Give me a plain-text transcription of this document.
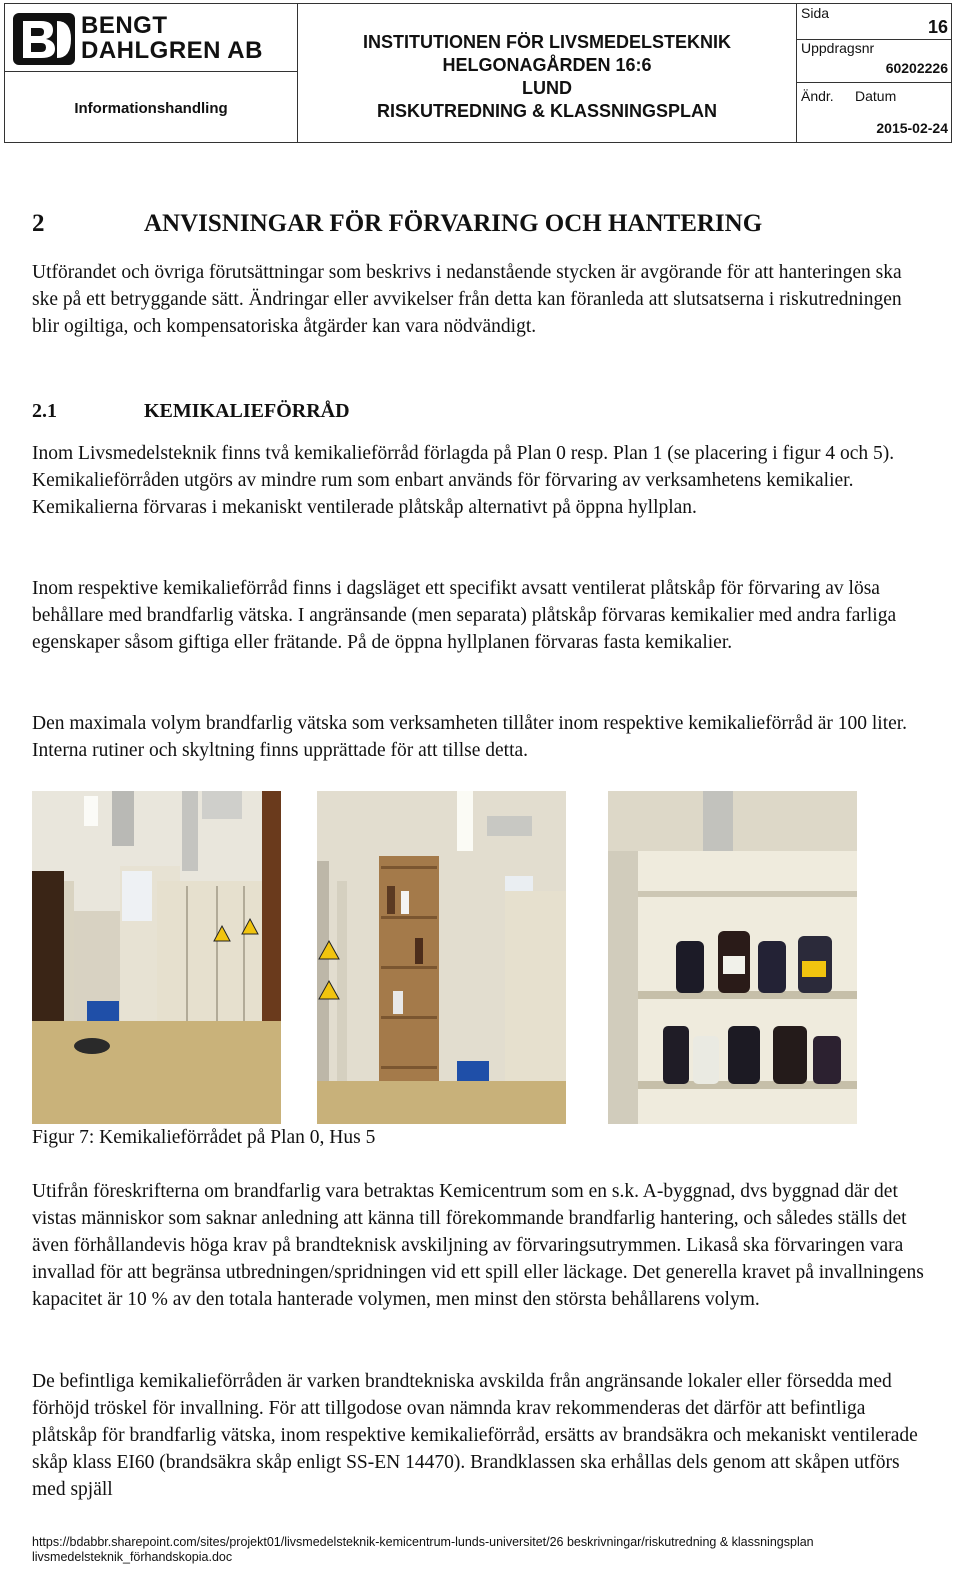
BENGT
DAHLGREN AB
Informationshandling
INSTITUTIONEN FÖR LIVSMEDELSTEKNIK
HELGONAGÅRDEN 16:6
LUND
RISKUTREDNING & KLASSNINGSPLAN
Sida
16
Uppdragsnr
60202226
Ändr. Datum
2015-02-24
2	ANVISNINGAR FÖR FÖRVARING OCH HANTERING
Utförandet och övriga förutsättningar som beskrivs i nedanstående stycken är avgörande för att hanteringen ska ske på ett betryggande sätt. Ändringar eller avvikelser från detta kan föranleda att slutsatserna i riskutredningen blir ogiltiga, och kompensatoriska åtgärder kan vara nödvändigt.
2.1	KEMIKALIEFÖRRÅD
Inom Livsmedelsteknik finns två kemikalieförråd förlagda på Plan 0 resp. Plan 1 (se placering i figur 4 och 5). Kemikalieförråden utgörs av mindre rum som enbart används för förvaring av verksamhetens kemikalier. Kemikalierna förvaras i mekaniskt ventilerade plåtskåp alternativt på öppna hyllplan.
Inom respektive kemikalieförråd finns i dagsläget ett specifikt avsatt ventilerat plåtskåp för förvaring av lösa behållare med brandfarlig vätska. I angränsande (men separata) plåtskåp förvaras kemikalier med andra farliga egenskaper såsom giftiga eller frätande. På de öppna hyllplanen förvaras fasta kemikalier.
Den maximala volym brandfarlig vätska som verksamheten tillåter inom respektive kemikalieförråd är 100 liter. Interna rutiner och skyltning finns upprättade för att tillse detta.
Figur 7: Kemikalieförrådet på Plan 0, Hus 5
Utifrån föreskrifterna om brandfarlig vara betraktas Kemicentrum som en s.k. A-byggnad, dvs byggnad där det vistas människor som saknar anledning att känna till förekommande brandfarlig hantering, och således ställs det även förhållandevis höga krav på brandteknisk avskiljning av förvaringsutrymmen. Likaså ska förvaringen vara invallad för att begränsa utbredningen/spridningen vid ett spill eller läckage. Det generella kravet på invallningens kapacitet är 10 % av den totala hanterade volymen, men minst den största behållarens volym.
De befintliga kemikalieförråden är varken brandtekniska avskilda från angränsande lokaler eller försedda med förhöjd tröskel för invallning. För att tillgodose ovan nämnda krav rekommenderas det därför att befintliga plåtskåp för brandfarlig vätska, inom respektive kemikalieförråd, ersätts av brandsäkra och mekaniskt ventilerade skåp klass EI60 (brandsäkra skåp enligt SS-EN 14470). Brandklassen ska erhållas dels genom att skåpen utförs med spjäll
https://bdabbr.sharepoint.com/sites/projekt01/livsmedelsteknik-kemicentrum-lunds-universitet/26 beskrivningar/riskutredning & klassningsplan
livsmedelsteknik_förhandskopia.doc
